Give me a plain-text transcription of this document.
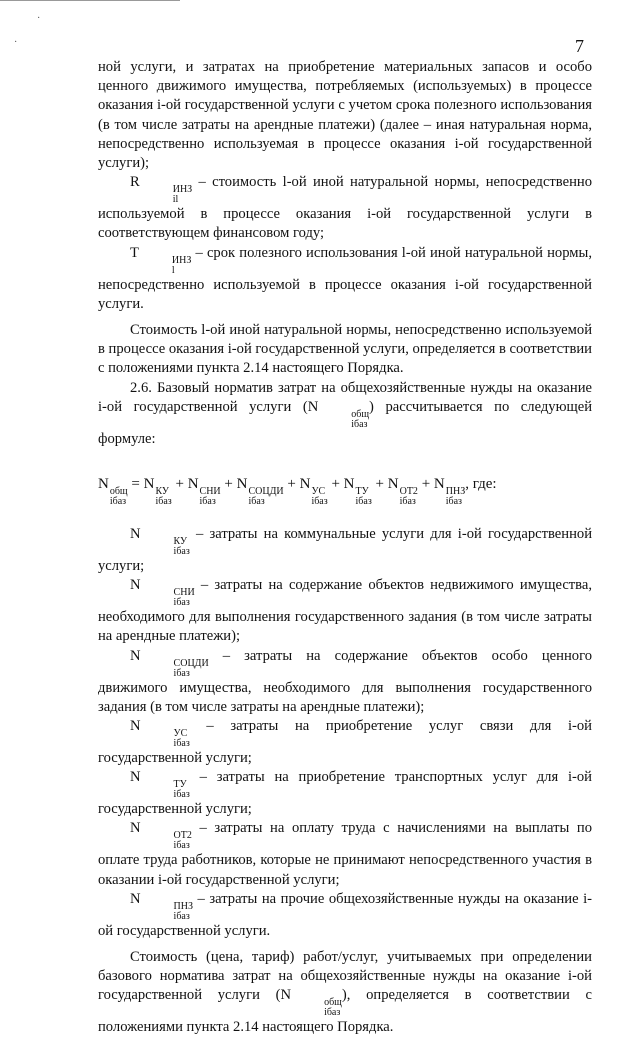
·
·	7

ной услуги, и затратах на приобретение материальных запасов и особо ценного движимого имущества, потребляемых (используемых) в процессе оказания i-ой государственной услуги с учетом срока полезного использования (в том числе затраты на арендные платежи) (далее – иная натуральная норма, непосредственно используемая в процессе оказания i-ой государственной услуги);

R	ИНЗ
il
– стоимость l-ой иной натуральной нормы, непосредственно используемой в процессе оказания i-ой государственной услуги в соответствующем финансовом году;

T	ИНЗ
l
– срок полезного использования l-ой иной натуральной нормы, непосредственно используемой в процессе оказания i-ой государственной услуги.

Стоимость l-ой иной натуральной нормы, непосредственно используемой в процессе оказания i-ой государственной услуги, определяется в соответствии с положениями пункта 2.14 настоящего Порядка.

2.6. Базовый норматив затрат на общехозяйственные нужды на оказание i-ой государственной услуги (N	общ
iбаз
) рассчитывается по следующей формуле:

N общ
iбаз
= N КУ
iбаз
+ N СНИ
iбаз
+ N СОЦДИ
iбаз
+ N УС
iбаз
+ N ТУ
iбаз
+ N ОТ2
iбаз
+ N ПНЗ
iбаз
, где:

N	КУ
iбаз
– затраты на коммунальные услуги для i-ой государственной услуги;

N	СНИ
iбаз
– затраты на содержание объектов недвижимого имущества, необходимого для выполнения государственного задания (в том числе затраты на арендные платежи);

N	СОЦДИ
iбаз
– затраты на содержание объектов особо ценного движимого имущества, необходимого для выполнения государственного задания (в том числе затраты на арендные платежи);

N	УС
iбаз
– затраты на приобретение услуг связи для i-ой государственной услуги;

N	ТУ
iбаз
– затраты на приобретение транспортных услуг для i-ой государственной услуги;

N	ОТ2
iбаз
– затраты на оплату труда с начислениями на выплаты по оплате труда работников, которые не принимают непосредственного участия в оказании i-ой государственной услуги;

N	ПНЗ
iбаз
– затраты на прочие общехозяйственные нужды на оказание i-ой государственной услуги.

Стоимость (цена, тариф) работ/услуг, учитываемых при определении базового норматива затрат на общехозяйственные нужды на оказание i-ой государственной услуги (N	общ
iбаз
), определяется в соответствии с положениями пункта 2.14 настоящего Порядка.
